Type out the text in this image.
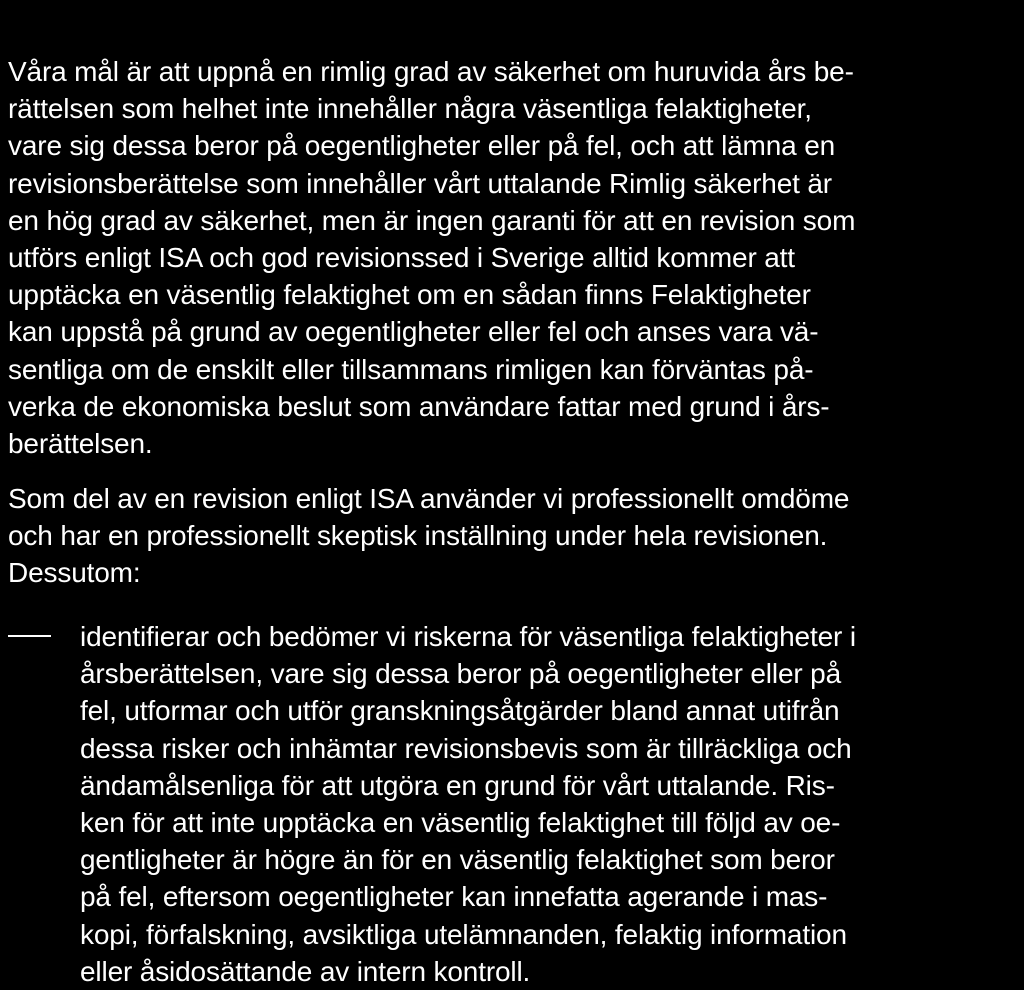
Våra mål är att uppnå en rimlig grad av säkerhet om huruvida års be-
rättelsen som helhet inte innehåller några väsentliga felaktigheter,
vare sig dessa beror på oegentligheter eller på fel, och att lämna en
revisionsberättelse som innehåller vårt uttalande Rimlig säkerhet är
en hög grad av säkerhet, men är ingen garanti för att en revision som
utförs enligt ISA och god revisionssed i Sverige alltid kommer att
upptäcka en väsentlig felaktighet om en sådan finns Felaktigheter
kan uppstå på grund av oegentligheter eller fel och anses vara vä-
sentliga om de enskilt eller tillsammans rimligen kan förväntas på-
verka de ekonomiska beslut som användare fattar med grund i års-
berättelsen.

Som del av en revision enligt ISA använder vi professionellt omdöme
och har en professionellt skeptisk inställning under hela revisionen.
Dessutom:

identifierar och bedömer vi riskerna för väsentliga felaktigheter i
årsberättelsen, vare sig dessa beror på oegentligheter eller på
fel, utformar och utför granskningsåtgärder bland annat utifrån
dessa risker och inhämtar revisionsbevis som är tillräckliga och
ändamålsenliga för att utgöra en grund för vårt uttalande. Ris-
ken för att inte upptäcka en väsentlig felaktighet till följd av oe-
gentligheter är högre än för en väsentlig felaktighet som beror
på fel, eftersom oegentligheter kan innefatta agerande i mas-
kopi, förfalskning, avsiktliga utelämnanden, felaktig information
eller åsidosättande av intern kontroll.
